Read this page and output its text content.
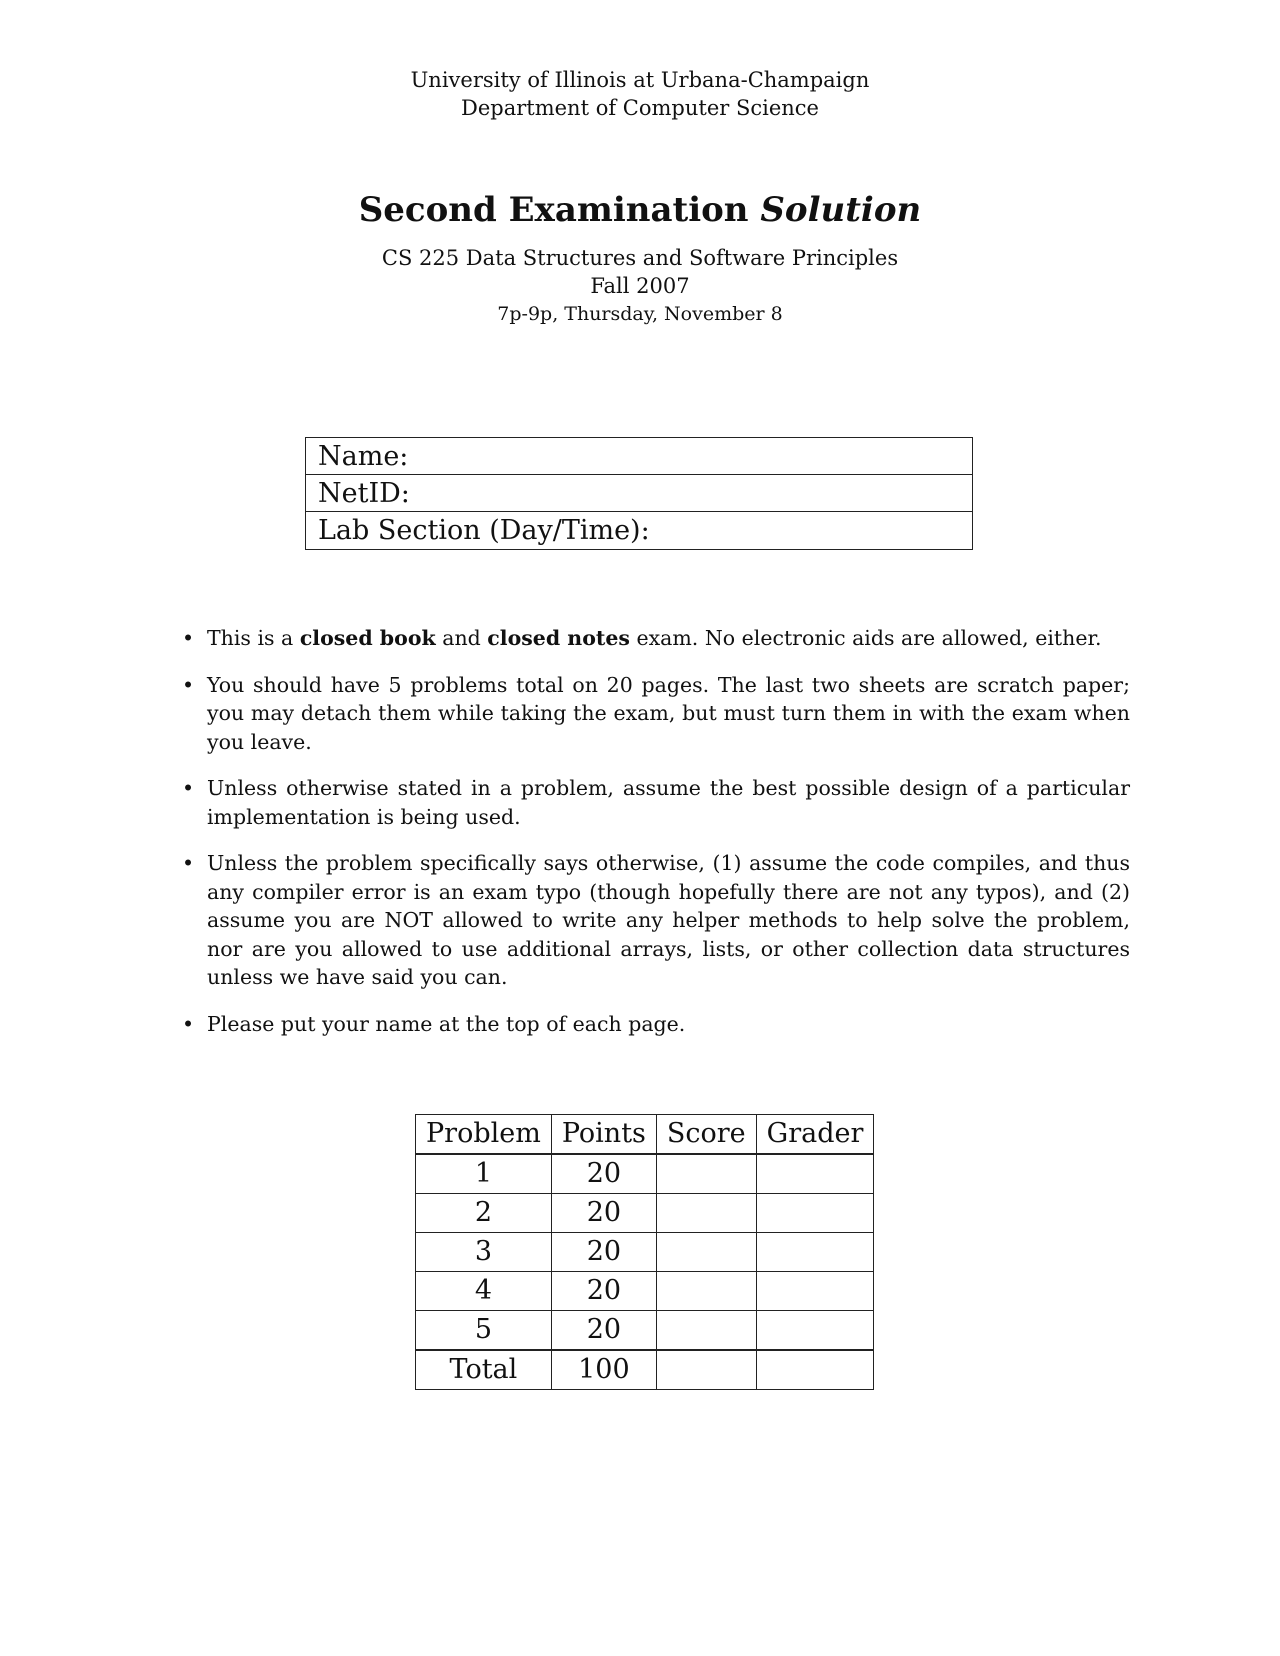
University of Illinois at Urbana-Champaign
Department of Computer Science
Second Examination Solution
CS 225 Data Structures and Software Principles
Fall 2007
7p-9p, Thursday, November 8
Name:
NetID:
Lab Section (Day/Time):
• This is a closed book and closed notes exam. No electronic aids are allowed, either.
• You should have 5 problems total on 20 pages. The last two sheets are scratch paper; you may detach them while taking the exam, but must turn them in with the exam when you leave.
• Unless otherwise stated in a problem, assume the best possible design of a particular implementation is being used.
• Unless the problem specifically says otherwise, (1) assume the code compiles, and thus any compiler error is an exam typo (though hopefully there are not any typos), and (2) assume you are NOT allowed to write any helper methods to help solve the problem, nor are you allowed to use additional arrays, lists, or other collection data structures unless we have said you can.
• Please put your name at the top of each page.
Problem	Points	Score	Grader
1	20		
2	20		
3	20		
4	20		
5	20		
Total	100		
